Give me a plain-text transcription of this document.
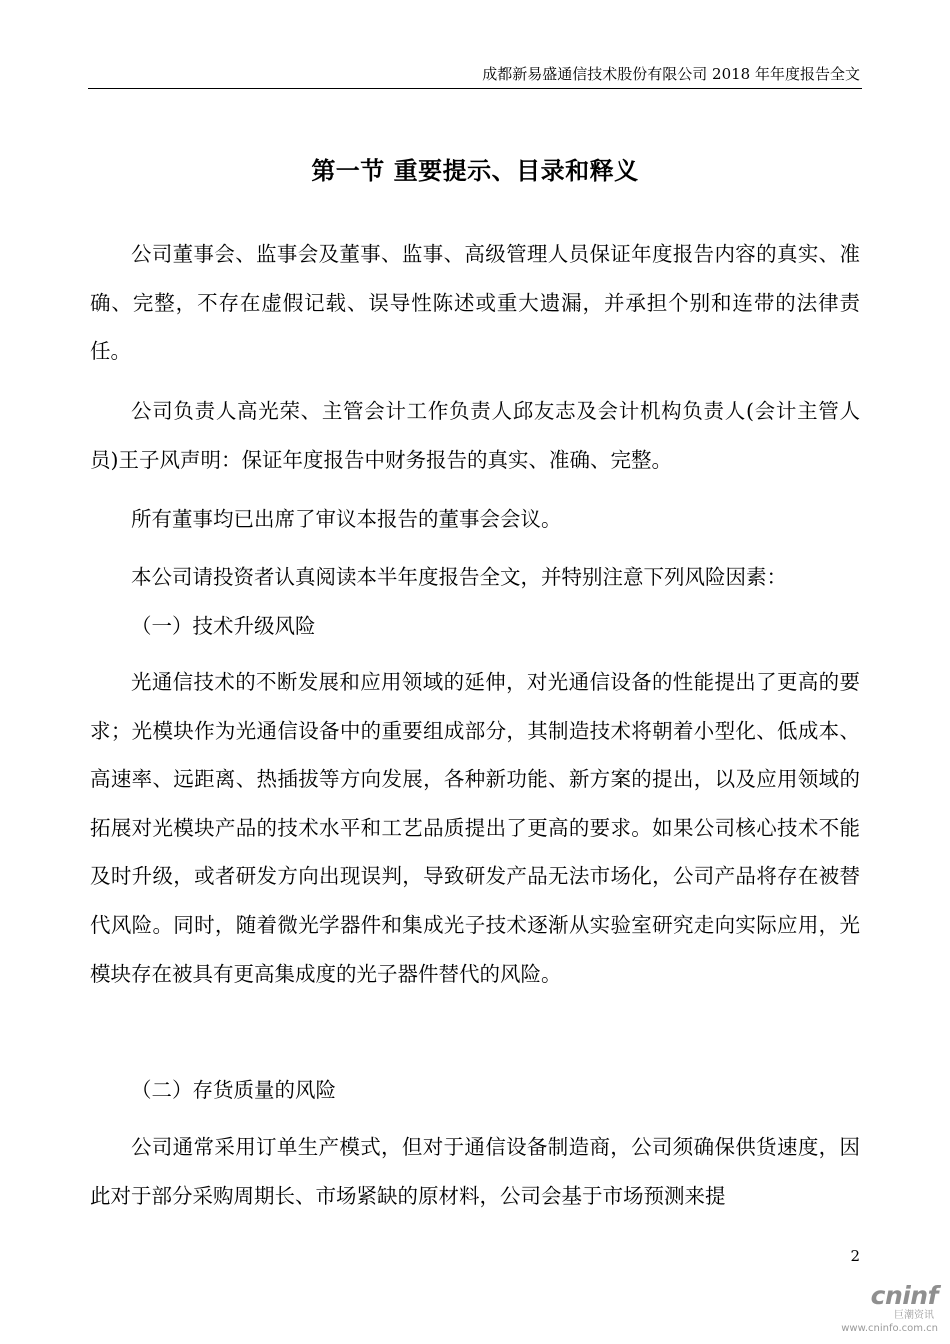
成都新易盛通信技术股份有限公司 2018 年年度报告全文
第一节 重要提示、目录和释义

公司董事会、监事会及董事、监事、高级管理人员保证年度报告内容的真实、准确、完整，不存在虚假记载、误导性陈述或重大遗漏，并承担个别和连带的法律责任。

公司负责人高光荣、主管会计工作负责人邱友志及会计机构负责人(会计主管人员)王子风声明：保证年度报告中财务报告的真实、准确、完整。

所有董事均已出席了审议本报告的董事会会议。

本公司请投资者认真阅读本半年度报告全文，并特别注意下列风险因素：

（一）技术升级风险

光通信技术的不断发展和应用领域的延伸，对光通信设备的性能提出了更高的要求；光模块作为光通信设备中的重要组成部分，其制造技术将朝着小型化、低成本、高速率、远距离、热插拔等方向发展，各种新功能、新方案的提出，以及应用领域的拓展对光模块产品的技术水平和工艺品质提出了更高的要求。如果公司核心技术不能及时升级，或者研发方向出现误判，导致研发产品无法市场化，公司产品将存在被替代风险。同时，随着微光学器件和集成光子技术逐渐从实验室研究走向实际应用，光模块存在被具有更高集成度的光子器件替代的风险。

（二）存货质量的风险

公司通常采用订单生产模式，但对于通信设备制造商，公司须确保供货速度，因此对于部分采购周期长、市场紧缺的原材料，公司会基于市场预测来提

2
cninf
巨潮资讯
www.cninfo.com.cn
